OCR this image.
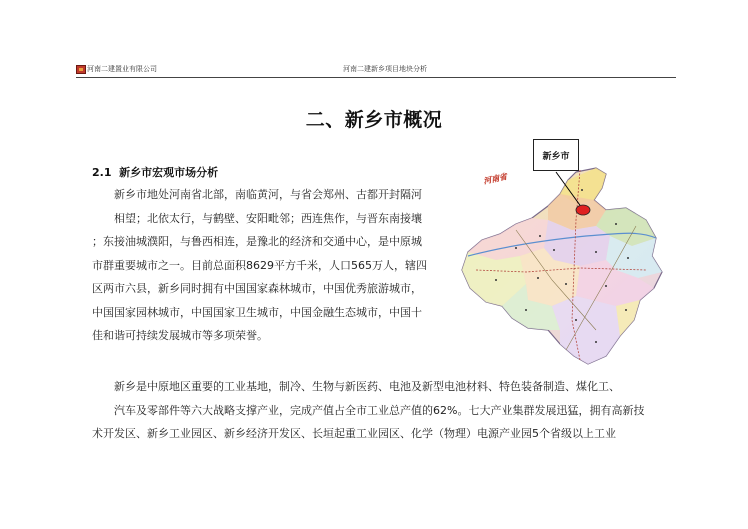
河南二建置业有限公司	河南二建新乡项目地块分析
二、新乡市概况
2.1 新乡市宏观市场分析
新乡市地处河南省北部，南临黄河，与省会郑州、古都开封隔河
相望；北依太行，与鹤壁、安阳毗邻；西连焦作，与晋东南接壤
；东接油城濮阳，与鲁西相连，是豫北的经济和交通中心，是中原城
市群重要城市之一。目前总面积8629平方千米，人口565万人，辖四
区两市六县，新乡同时拥有中国国家森林城市，中国优秀旅游城市，
中国国家园林城市，中国国家卫生城市，中国金融生态城市，中国十
佳和谐可持续发展城市等多项荣誉。
河南省
新乡市
新乡是中原地区重要的工业基地，制冷、生物与新医药、电池及新型电池材料、特色装备制造、煤化工、
汽车及零部件等六大战略支撑产业，完成产值占全市工业总产值的62%。七大产业集群发展迅猛，拥有高新技
术开发区、新乡工业园区、新乡经济开发区、长垣起重工业园区、化学（物理）电源产业园5个省级以上工业
